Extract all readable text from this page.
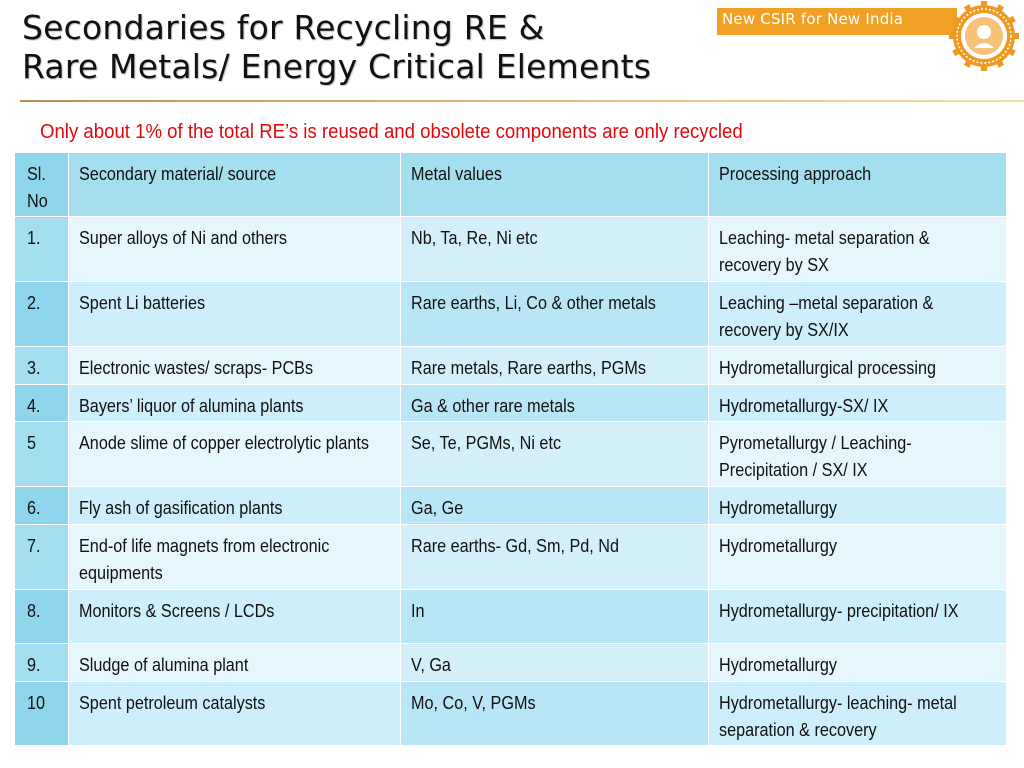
Secondaries for Recycling RE &
Rare Metals/ Energy Critical Elements
New CSIR for New India

Only about 1% of the total RE’s is reused and obsolete components are only recycled

Sl. No	Secondary material/ source	Metal values	Processing approach

1.	Super alloys of Ni and others	Nb, Ta, Re, Ni etc	Leaching- metal separation & recovery by SX

2.	Spent Li batteries	Rare earths, Li, Co & other metals	Leaching –metal separation & recovery by SX/IX

3.	Electronic wastes/ scraps- PCBs	Rare metals, Rare earths, PGMs	Hydrometallurgical processing

4.	Bayers’ liquor of alumina plants	Ga & other rare metals	Hydrometallurgy-SX/ IX

5	Anode slime of copper electrolytic plants	Se, Te, PGMs, Ni etc	Pyrometallurgy / Leaching-Precipitation / SX/ IX

6.	Fly ash of gasification plants	Ga, Ge	Hydrometallurgy

7.	End-of life magnets from electronic equipments	Rare earths- Gd, Sm, Pd, Nd	Hydrometallurgy

8.	Monitors & Screens / LCDs	In	Hydrometallurgy- precipitation/ IX

9.	Sludge of alumina plant	V, Ga	Hydrometallurgy

10	Spent petroleum catalysts	Mo, Co, V, PGMs	Hydrometallurgy- leaching- metal separation & recovery
